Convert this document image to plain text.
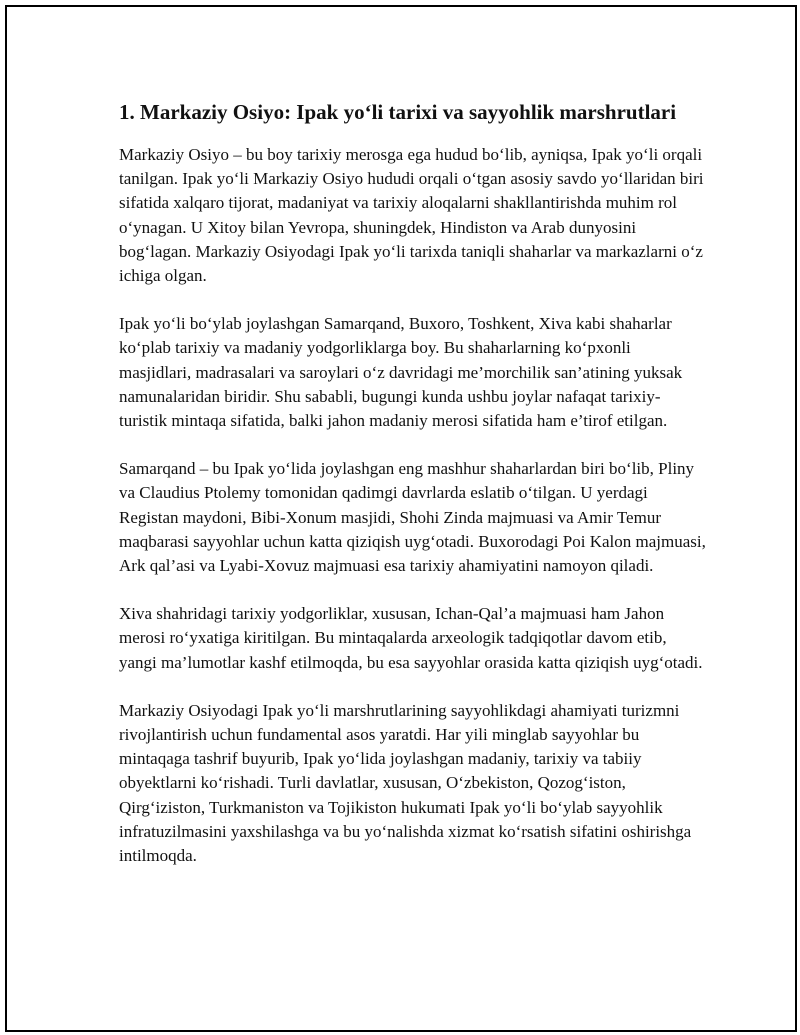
1. Markaziy Osiyo: Ipak yo‘li tarixi va sayyohlik marshrutlari

Markaziy Osiyo – bu boy tarixiy merosga ega hudud bo‘lib, ayniqsa, Ipak yo‘li orqali tanilgan. Ipak yo‘li Markaziy Osiyo hududi orqali o‘tgan asosiy savdo yo‘llaridan biri sifatida xalqaro tijorat, madaniyat va tarixiy aloqalarni shakllantirishda muhim rol o‘ynagan. U Xitoy bilan Yevropa, shuningdek, Hindiston va Arab dunyosini bog‘lagan. Markaziy Osiyodagi Ipak yo‘li tarixda taniqli shaharlar va markazlarni o‘z ichiga olgan.

Ipak yo‘li bo‘ylab joylashgan Samarqand, Buxoro, Toshkent, Xiva kabi shaharlar ko‘plab tarixiy va madaniy yodgorliklarga boy. Bu shaharlarning ko‘pxonli masjidlari, madrasalari va saroylari o‘z davridagi me’morchilik san’atining yuksak namunalaridan biridir. Shu sababli, bugungi kunda ushbu joylar nafaqat tarixiy-turistik mintaqa sifatida, balki jahon madaniy merosi sifatida ham e’tirof etilgan.

Samarqand – bu Ipak yo‘lida joylashgan eng mashhur shaharlardan biri bo‘lib, Pliny va Claudius Ptolemy tomonidan qadimgi davrlarda eslatib o‘tilgan. U yerdagi Registan maydoni, Bibi-Xonum masjidi, Shohi Zinda majmuasi va Amir Temur maqbarasi sayyohlar uchun katta qiziqish uyg‘otadi. Buxorodagi Poi Kalon majmuasi, Ark qal’asi va Lyabi-Xovuz majmuasi esa tarixiy ahamiyatini namoyon qiladi.

Xiva shahridagi tarixiy yodgorliklar, xususan, Ichan-Qal’a majmuasi ham Jahon merosi ro‘yxatiga kiritilgan. Bu mintaqalarda arxeologik tadqiqotlar davom etib, yangi ma’lumotlar kashf etilmoqda, bu esa sayyohlar orasida katta qiziqish uyg‘otadi.

Markaziy Osiyodagi Ipak yo‘li marshrutlarining sayyohlikdagi ahamiyati turizmni rivojlantirish uchun fundamental asos yaratdi. Har yili minglab sayyohlar bu mintaqaga tashrif buyurib, Ipak yo‘lida joylashgan madaniy, tarixiy va tabiiy obyektlarni ko‘rishadi. Turli davlatlar, xususan, O‘zbekiston, Qozog‘iston, Qirg‘iziston, Turkmaniston va Tojikiston hukumati Ipak yo‘li bo‘ylab sayyohlik infratuzilmasini yaxshilashga va bu yo‘nalishda xizmat ko‘rsatish sifatini oshirishga intilmoqda.
